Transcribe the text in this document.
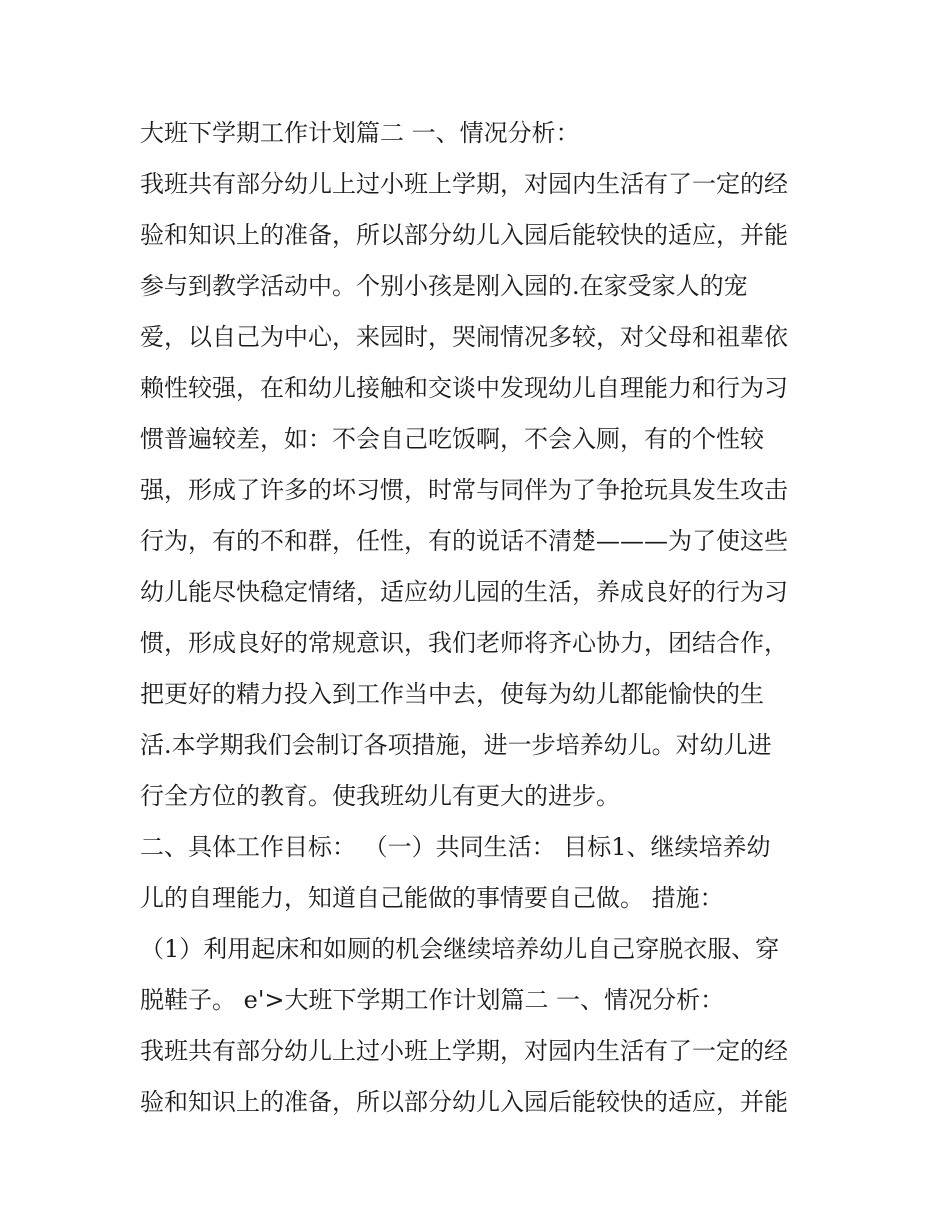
大班下学期工作计划篇二 一、情况分析：
我班共有部分幼儿上过小班上学期，对园内生活有了一定的经
验和知识上的准备，所以部分幼儿入园后能较快的适应，并能
参与到教学活动中。个别小孩是刚入园的.在家受家人的宠
爱，以自己为中心，来园时，哭闹情况多较，对父母和祖辈依
赖性较强，在和幼儿接触和交谈中发现幼儿自理能力和行为习
惯普遍较差，如：不会自己吃饭啊，不会入厕，有的个性较
强，形成了许多的坏习惯，时常与同伴为了争抢玩具发生攻击
行为，有的不和群，任性，有的说话不清楚———为了使这些
幼儿能尽快稳定情绪，适应幼儿园的生活，养成良好的行为习
惯，形成良好的常规意识，我们老师将齐心协力，团结合作，
把更好的精力投入到工作当中去，使每为幼儿都能愉快的生
活.本学期我们会制订各项措施，进一步培养幼儿。对幼儿进
行全方位的教育。使我班幼儿有更大的进步。
二、具体工作目标： （一）共同生活： 目标1、继续培养幼
儿的自理能力，知道自己能做的事情要自己做。 措施：
（1）利用起床和如厕的机会继续培养幼儿自己穿脱衣服、穿
脱鞋子。 e'>大班下学期工作计划篇二 一、情况分析：
我班共有部分幼儿上过小班上学期，对园内生活有了一定的经
验和知识上的准备，所以部分幼儿入园后能较快的适应，并能
